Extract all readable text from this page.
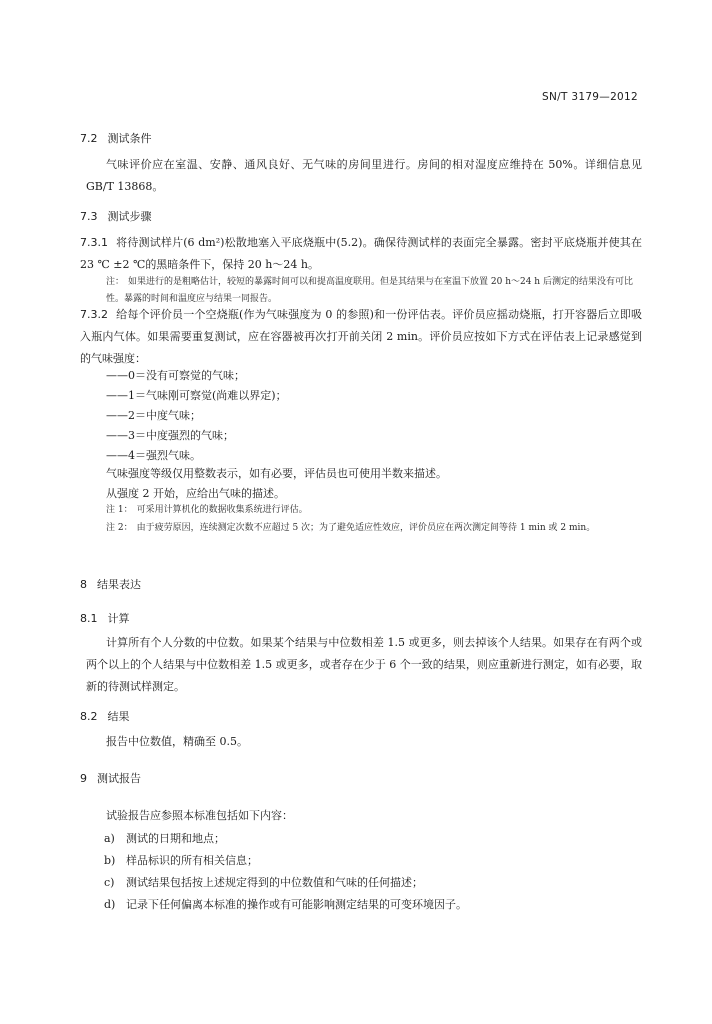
SN/T 3179—2012
7.2 测试条件

气味评价应在室温、安静、通风良好、无气味的房间里进行。房间的相对湿度应维持在 50%。详细信息见 GB/T 13868。

7.3 测试步骤

7.3.1 将待测试样片(6 dm²)松散地塞入平底烧瓶中(5.2)。确保待测试样的表面完全暴露。密封平底烧瓶并使其在 23 ℃ ±2 ℃的黑暗条件下，保持 20 h～24 h。

注： 如果进行的是粗略估计，较短的暴露时间可以和提高温度联用。但是其结果与在室温下放置 20 h～24 h 后测定的结果没有可比性。暴露的时间和温度应与结果一同报告。

7.3.2 给每个评价员一个空烧瓶(作为气味强度为 0 的参照)和一份评估表。评价员应摇动烧瓶，打开容器后立即吸入瓶内气体。如果需要重复测试，应在容器被再次打开前关闭 2 min。评价员应按如下方式在评估表上记录感觉到的气味强度：

——0＝没有可察觉的气味；
——1＝气味刚可察觉(尚难以界定)；
——2＝中度气味；
——3＝中度强烈的气味；
——4＝强烈气味。
气味强度等级仅用整数表示，如有必要，评估员也可使用半数来描述。
从强度 2 开始，应给出气味的描述。

注 1： 可采用计算机化的数据收集系统进行评估。

注 2： 由于疲劳原因，连续测定次数不应超过 5 次；为了避免适应性效应，评价员应在两次测定间等待 1 min 或 2 min。

8 结果表达
8.1 计算

计算所有个人分数的中位数。如果某个结果与中位数相差 1.5 或更多，则去掉该个人结果。如果存在有两个或两个以上的个人结果与中位数相差 1.5 或更多，或者存在少于 6 个一致的结果，则应重新进行测定，如有必要，取新的待测试样测定。

8.2 结果
报告中位数值，精确至 0.5。
9 测试报告
试验报告应参照本标准包括如下内容：
a) 测试的日期和地点；
b) 样品标识的所有相关信息；
c) 测试结果包括按上述规定得到的中位数值和气味的任何描述；
d) 记录下任何偏离本标准的操作或有可能影响测定结果的可变环境因子。
